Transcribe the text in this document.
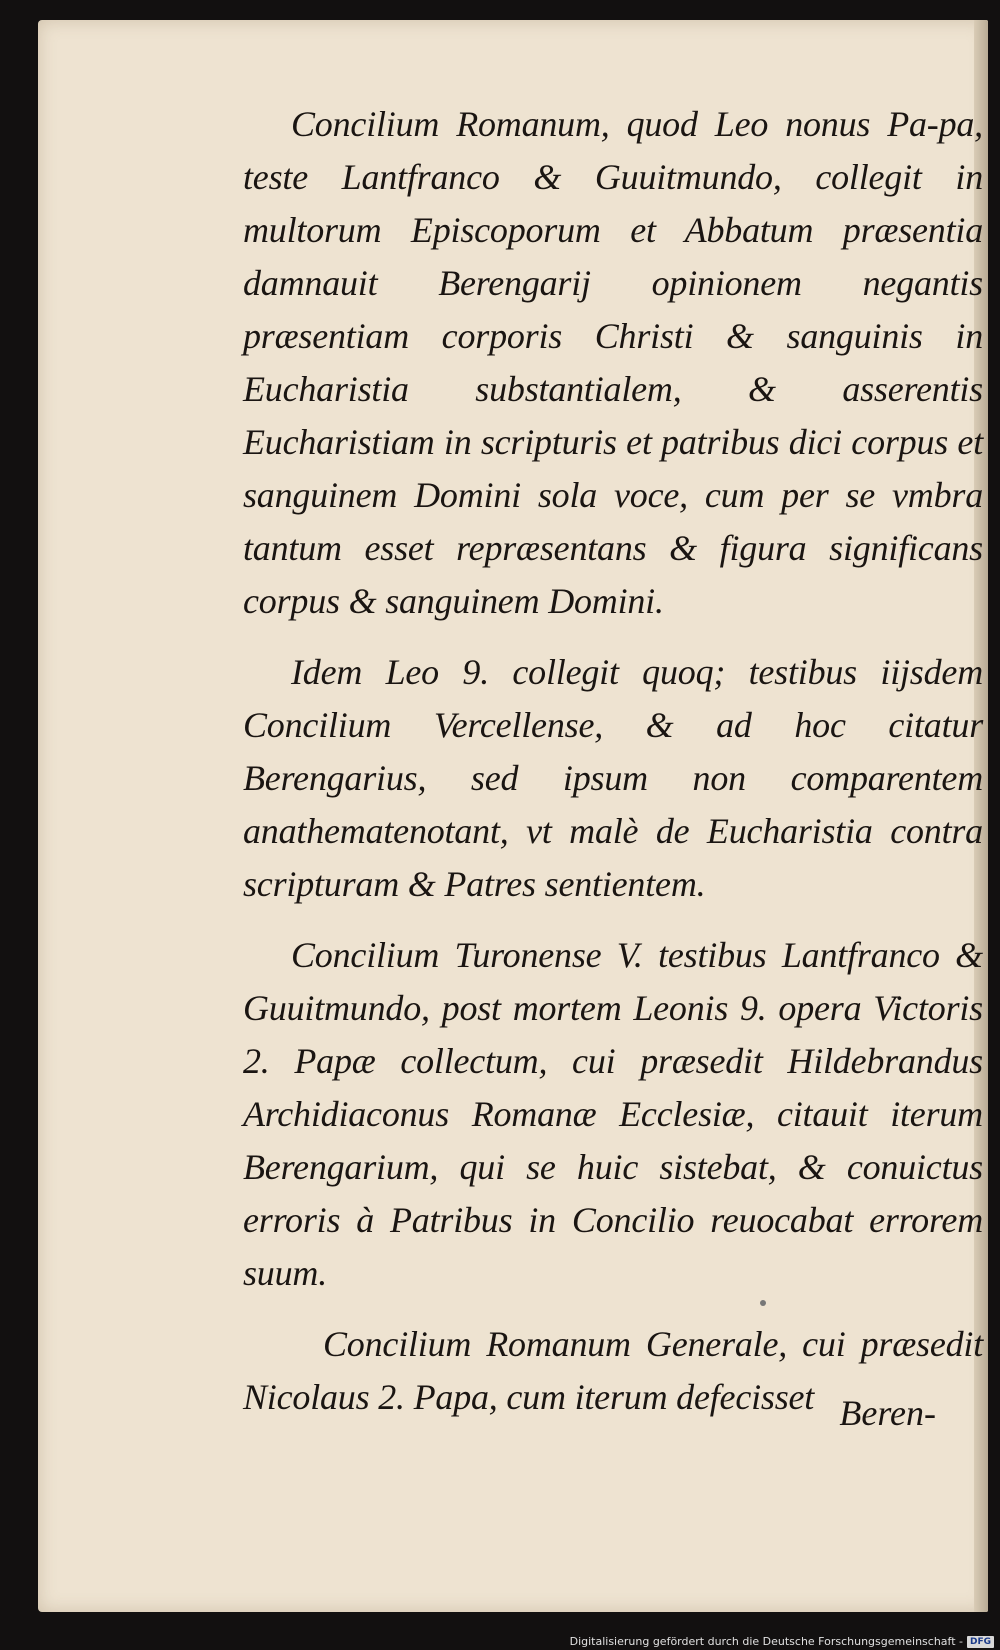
Concilium Romanum, quod Leo nonus Pa-pa, teste Lantfranco & Guuitmundo, collegit in multorum Episcoporum et Abbatum præsentia damnauit Berengarij opinionem negantis præsentiam corporis Christi & sanguinis in Eucharistia substantialem, & asserentis Eucharistiam in scripturis et patribus dici corpus et sanguinem Domini sola voce, cum per se vmbra tantum esset repræsentans & figura significans corpus & sanguinem Domini.

Idem Leo 9. collegit quoq; testibus iijsdem Concilium Vercellense, & ad hoc citatur Berengarius, sed ipsum non comparentem anathematenotant, vt malè de Eucharistia contra scripturam & Patres sentientem.

Concilium Turonense V. testibus Lantfranco & Guuitmundo, post mortem Leonis 9. opera Victoris 2. Papæ collectum, cui præsedit Hildebrandus Archidiaconus Romanæ Ecclesiæ, citauit iterum Berengarium, qui se huic sistebat, & conuictus erroris à Patribus in Concilio reuocabat errorem suum.

Concilium Romanum Generale, cui præsedit Nicolaus 2. Papa, cum iterum defecisset Beren-
Digitalisierung gefördert durch die Deutsche Forschungsgemeinschaft - DFG
